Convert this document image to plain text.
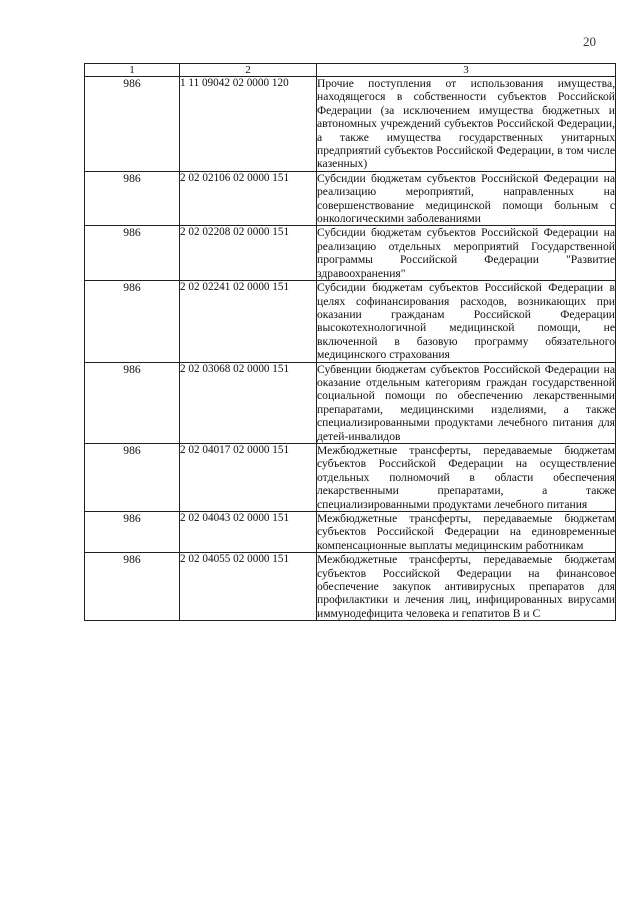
20
1	2	3
986	1 11 09042 02 0000 120	Прочие поступления от использования имущества, находящегося в собственности субъектов Российской Федерации (за исключением имущества бюджетных и автономных учреждений субъектов Российской Федерации, а также имущества государственных унитарных предприятий субъектов Российской Федерации, в том числе казенных)
986	2 02 02106 02 0000 151	Субсидии бюджетам субъектов Российской Федерации на реализацию мероприятий, направленных на совершенствование медицинской помощи больным с онкологическими заболеваниями
986	2 02 02208 02 0000 151	Субсидии бюджетам субъектов Российской Федерации на реализацию отдельных мероприятий Государственной программы Российской Федерации "Развитие здравоохранения"
986	2 02 02241 02 0000 151	Субсидии бюджетам субъектов Российской Федерации в целях софинансирования расходов, возникающих при оказании гражданам Российской Федерации высокотехнологичной медицинской помощи, не включенной в базовую программу обязательного медицинского страхования
986	2 02 03068 02 0000 151	Субвенции бюджетам субъектов Российской Федерации на оказание отдельным категориям граждан государственной социальной помощи по обеспечению лекарственными препаратами, медицинскими изделиями, а также специализированными продуктами лечебного питания для детей-инвалидов
986	2 02 04017 02 0000 151	Межбюджетные трансферты, передаваемые бюджетам субъектов Российской Федерации на осуществление отдельных полномочий в области обеспечения лекарственными препаратами, а также специализированными продуктами лечебного питания
986	2 02 04043 02 0000 151	Межбюджетные трансферты, передаваемые бюджетам субъектов Российской Федерации на единовременные компенсационные выплаты медицинским работникам
986	2 02 04055 02 0000 151	Межбюджетные трансферты, передаваемые бюджетам субъектов Российской Федерации на финансовое обеспечение закупок антивирусных препаратов для профилактики и лечения лиц, инфицированных вирусами иммунодефицита человека и гепатитов В и С
